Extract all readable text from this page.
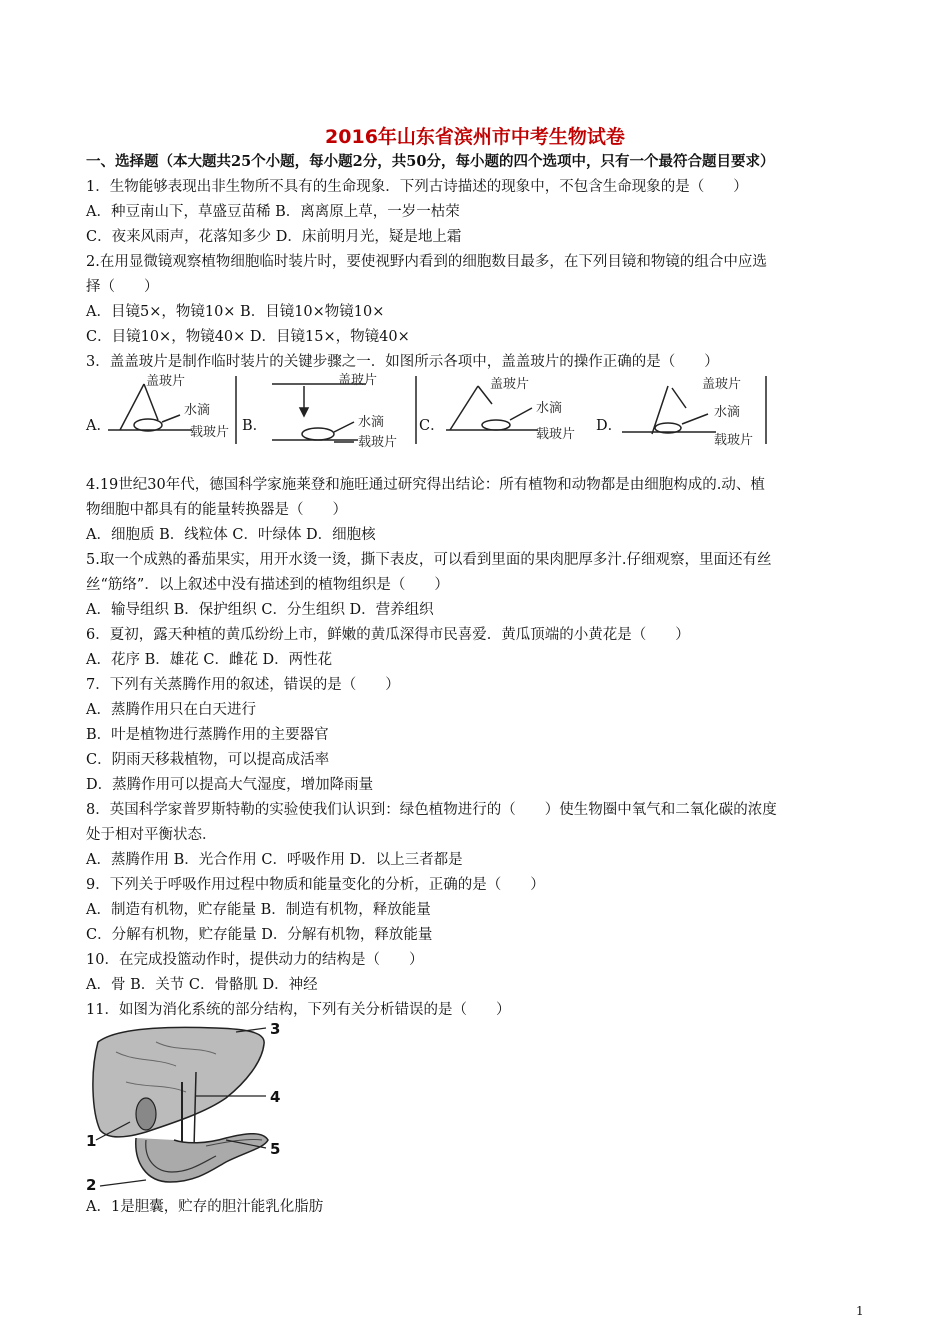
2016年山东省滨州市中考生物试卷
一、选择题（本大题共25个小题，每小题2分，共50分，每小题的四个选项中，只有一个最符合题目要求）
1．生物能够表现出非生物所不具有的生命现象．下列古诗描述的现象中，不包含生命现象的是（　　）
A．种豆南山下，草盛豆苗稀 B．离离原上草，一岁一枯荣
C．夜来风雨声，花落知多少 D．床前明月光，疑是地上霜
2.在用显微镜观察植物细胞临时装片时，要使视野内看到的细胞数目最多，在下列目镜和物镜的组合中应选
择（　　）
A．目镜5×，物镜10× B．目镜10×物镜10×
C．目镜10×，物镜40× D．目镜15×，物镜40×
3．盖盖玻片是制作临时装片的关键步骤之一．如图所示各项中，盖盖玻片的操作正确的是（　　）
A．	B．	C．	D．
盖玻片
水滴
载玻片
盖玻片
水滴
载玻片
盖玻片
水滴
载玻片
盖玻片
水滴
载玻片
4.19世纪30年代，德国科学家施莱登和施旺通过研究得出结论：所有植物和动物都是由细胞构成的.动、植
物细胞中都具有的能量转换器是（　　）
A．细胞质 B．线粒体 C．叶绿体 D．细胞核
5.取一个成熟的番茄果实，用开水烫一烫，撕下表皮，可以看到里面的果肉肥厚多汁.仔细观察，里面还有丝
丝“筋络”．以上叙述中没有描述到的植物组织是（　　）
A．输导组织 B．保护组织 C．分生组织 D．营养组织
6．夏初，露天种植的黄瓜纷纷上市，鲜嫩的黄瓜深得市民喜爱．黄瓜顶端的小黄花是（　　）
A．花序 B．雄花 C．雌花 D．两性花
7．下列有关蒸腾作用的叙述，错误的是（　　）
A．蒸腾作用只在白天进行
B．叶是植物进行蒸腾作用的主要器官
C．阴雨天移栽植物，可以提高成活率
D．蒸腾作用可以提高大气湿度，增加降雨量
8．英国科学家普罗斯特勒的实验使我们认识到：绿色植物进行的（　　）使生物圈中氧气和二氧化碳的浓度
处于相对平衡状态．
A．蒸腾作用 B．光合作用 C．呼吸作用 D．以上三者都是
9．下列关于呼吸作用过程中物质和能量变化的分析，正确的是（　　）
A．制造有机物，贮存能量 B．制造有机物，释放能量
C．分解有机物，贮存能量 D．分解有机物，释放能量
10．在完成投篮动作时，提供动力的结构是（　　）
A．骨 B．关节 C．骨骼肌 D．神经
11．如图为消化系统的部分结构，下列有关分析错误的是（　　）
1
2
3
4
5
A．1是胆囊，贮存的胆汁能乳化脂肪
1
